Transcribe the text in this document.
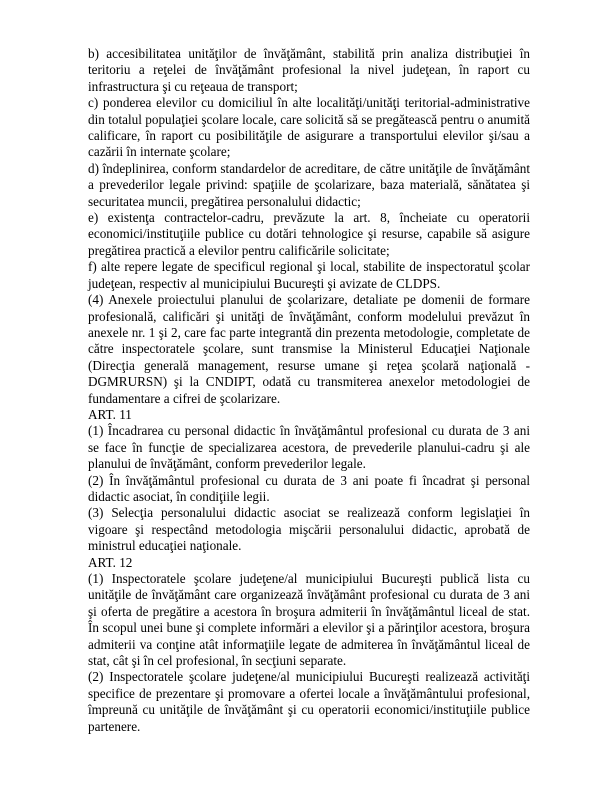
b) accesibilitatea unităţilor de învăţământ, stabilită prin analiza distribuţiei în teritoriu a reţelei de învăţământ profesional la nivel judeţean, în raport cu infrastructura şi cu reţeaua de transport;

c) ponderea elevilor cu domiciliul în alte localităţi/unităţi teritorial-administrative din totalul populaţiei şcolare locale, care solicită să se pregătească pentru o anumită calificare, în raport cu posibilităţile de asigurare a transportului elevilor şi/sau a cazării în internate şcolare;

d) îndeplinirea, conform standardelor de acreditare, de către unităţile de învăţământ a prevederilor legale privind: spaţiile de şcolarizare, baza materială, sănătatea şi securitatea muncii, pregătirea personalului didactic;

e) existenţa contractelor-cadru, prevăzute la art. 8, încheiate cu operatorii economici/instituţiile publice cu dotări tehnologice şi resurse, capabile să asigure pregătirea practică a elevilor pentru calificările solicitate;

f) alte repere legate de specificul regional şi local, stabilite de inspectoratul şcolar judeţean, respectiv al municipiului Bucureşti şi avizate de CLDPS.

(4) Anexele proiectului planului de şcolarizare, detaliate pe domenii de formare profesională, calificări şi unităţi de învăţământ, conform modelului prevăzut în anexele nr. 1 şi 2, care fac parte integrantă din prezenta metodologie, completate de către inspectoratele şcolare, sunt transmise la Ministerul Educaţiei Naţionale (Direcţia generală management, resurse umane şi reţea şcolară naţională - DGMRURSN) şi la CNDIPT, odată cu transmiterea anexelor metodologiei de fundamentare a cifrei de şcolarizare.

ART. 11

(1) Încadrarea cu personal didactic în învăţământul profesional cu durata de 3 ani se face în funcţie de specializarea acestora, de prevederile planului-cadru şi ale planului de învăţământ, conform prevederilor legale.

(2) În învăţământul profesional cu durata de 3 ani poate fi încadrat şi personal didactic asociat, în condiţiile legii.

(3) Selecţia personalului didactic asociat se realizează conform legislaţiei în vigoare şi respectând metodologia mişcării personalului didactic, aprobată de ministrul educaţiei naţionale.

ART. 12

(1) Inspectoratele şcolare judeţene/al municipiului Bucureşti publică lista cu unităţile de învăţământ care organizează învăţământ profesional cu durata de 3 ani şi oferta de pregătire a acestora în broşura admiterii în învăţământul liceal de stat. În scopul unei bune şi complete informări a elevilor şi a părinţilor acestora, broşura admiterii va conţine atât informaţiile legate de admiterea în învăţământul liceal de stat, cât şi în cel profesional, în secţiuni separate.

(2) Inspectoratele şcolare judeţene/al municipiului Bucureşti realizează activităţi specifice de prezentare şi promovare a ofertei locale a învăţământului profesional, împreună cu unităţile de învăţământ şi cu operatorii economici/instituţiile publice partenere.
